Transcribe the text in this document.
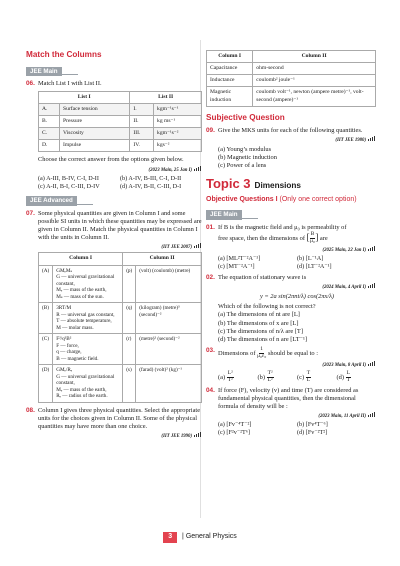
Match the Columns
JEE Main
06. Match List I with List II.
List I		List II	
A.	Surface tension	I.	kgm⁻¹s⁻¹
B.	Pressure	II.	kg ms⁻¹
C.	Viscosity	III.	kgm⁻¹s⁻²
D.	Impulse	IV.	kgs⁻²
Choose the correct answer from the options given below.
(2023 Main, 25 Jan I)
(a) A-III, B-IV, C-I, D-II	(b) A-IV, B-III, C-I, D-II
(c) A-II, B-I, C-III, D-IV	(d) A-IV, B-II, C-III, D-I
JEE Advanced
07. Some physical quantities are given in Column I and some possible SI units in which these quantities may be expressed are given in Column II. Match the physical quantities in Column I with the units in Column II.
(IIT JEE 2007)
Column I		Column II	
(A)	GMₑMₛ
G — universal gravitational constant,
Mₑ — mass of the earth,
Mₛ — mass of the sun.	(p)	(volt) (coulomb) (metre)
(B)	3RT/M
R — universal gas constant,
T — absolute temperature,
M — molar mass.	(q)	(kilogram) (metre)³ (second)⁻²
(C)	F²/q²B²
F — force,
q — charge,
B — magnetic field.	(r)	(metre)² (second)⁻²
(D)	GMₑ/Rₑ
G — universal gravitational constant,
Mₑ — mass of the earth,
Rₑ — radius of the earth.	(s)	(farad) (volt)² (kg)⁻¹
08. Column I gives three physical quantities. Select the appropriate units for the choices given in Column II. Some of the physical quantities may have more than one choice.
(IIT JEE 1990)
Column I	Column II
Capacitance	ohm-second
Inductance	coulomb² joule⁻¹
Magnetic induction	coulomb volt⁻¹, newton (ampere metre)⁻¹, volt-second (ampere)⁻¹
Subjective Question
09. Give the MKS units for each of the following quantities.
(IIT JEE 1980)
(a) Young’s modulus
(b) Magnetic induction
(c) Power of a lens
Topic 3 Dimensions
Objective Questions I (Only one correct option)
JEE Main
01. If B is the magnetic field and μ₀ is permeability of
free space, then the dimensions of [ $\frac{B}{\text{μ₀}}$ ] are
(2025 Main, 22 Jan I)
(a) [ML²T⁻²A⁻¹]	(b) [L⁻¹A]
(c) [MT⁻²A⁻¹]	(d) [LT⁻²A⁻¹]
02. The equation of stationary wave is
(2024 Main, 4 April I)
y = 2a sin(2πnt/λ) cos(2πx/λ)
Which of the following is not correct?
(a) The dimensions of nt are [L]
(b) The dimensions of x are [L]
(c) The dimensions of n/λ are [T]
(d) The dimensions of n are [LT⁻¹]
03. Dimensions of $\frac{1}{\text{μ₀ε₀}}$ should be equal to :
(2023 Main, 8 April I)
$(a) \frac{\text{L²}}{\text{T²}}$	$(b) \frac{\text{T²}}{\text{L²}}$	$(c) \frac{T}{L}$	$(d) \frac{L}{T}$
04. If force (F), velocity (v) and time (T) are considered as fundamental physical quantities, then the dimensional formula of density will be :
(2023 Main, 11 April II)
(a) [Fv⁻⁴T⁻²]	(b) [Fv⁴T⁻⁶]
(c) [F²v⁻²T⁶]	(d) [Fv⁻²T²]
3 | General Physics
